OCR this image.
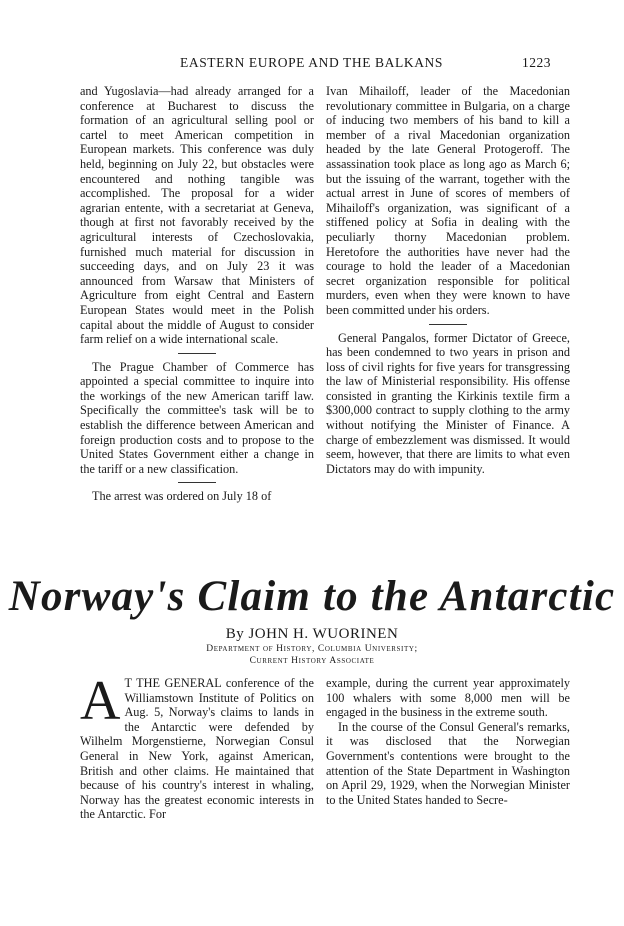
EASTERN EUROPE AND THE BALKANS	1223

and Yugoslavia—had already arranged for a conference at Bucharest to discuss the formation of an agricultural selling pool or cartel to meet American competition in European markets. This conference was duly held, beginning on July 22, but obstacles were encountered and nothing tangible was accomplished. The proposal for a wider agrarian entente, with a secretariat at Geneva, though at first not favorably received by the agricultural interests of Czechoslovakia, furnished much material for discussion in succeeding days, and on July 23 it was announced from Warsaw that Ministers of Agriculture from eight Central and Eastern European States would meet in the Polish capital about the middle of August to consider farm relief on a wide international scale.

The Prague Chamber of Commerce has appointed a special committee to inquire into the workings of the new American tariff law. Specifically the committee's task will be to establish the difference between American and foreign production costs and to propose to the United States Government either a change in the tariff or a new classification.

The arrest was ordered on July 18 of

Ivan Mihailoff, leader of the Macedonian revolutionary committee in Bulgaria, on a charge of inducing two members of his band to kill a member of a rival Macedonian organization headed by the late General Protogeroff. The assassination took place as long ago as March 6; but the issuing of the warrant, together with the actual arrest in June of scores of members of Mihailoff's organization, was significant of a stiffened policy at Sofia in dealing with the peculiarly thorny Macedonian problem. Heretofore the authorities have never had the courage to hold the leader of a Macedonian secret organization responsible for political murders, even when they were known to have been committed under his orders.

General Pangalos, former Dictator of Greece, has been condemned to two years in prison and loss of civil rights for five years for transgressing the law of Ministerial responsibility. His offense consisted in granting the Kirkinis textile firm a $300,000 contract to supply clothing to the army without notifying the Minister of Finance. A charge of embezzlement was dismissed. It would seem, however, that there are limits to what even Dictators may do with impunity.

Norway's Claim to the Antarctic
By JOHN H. WUORINEN
Department of History, Columbia University;
Current History Associate

A T THE GENERAL conference of the Williamstown Institute of Politics on Aug. 5, Norway's claims to lands in the Antarctic were defended by Wilhelm Morgenstierne, Norwegian Consul General in New York, against American, British and other claims. He maintained that because of his country's interest in whaling, Norway has the greatest economic interests in the Antarctic. For

example, during the current year approximately 100 whalers with some 8,000 men will be engaged in the business in the extreme south.

In the course of the Consul General's remarks, it was disclosed that the Norwegian Government's contentions were brought to the attention of the State Department in Washington on April 29, 1929, when the Norwegian Minister to the United States handed to Secre-
